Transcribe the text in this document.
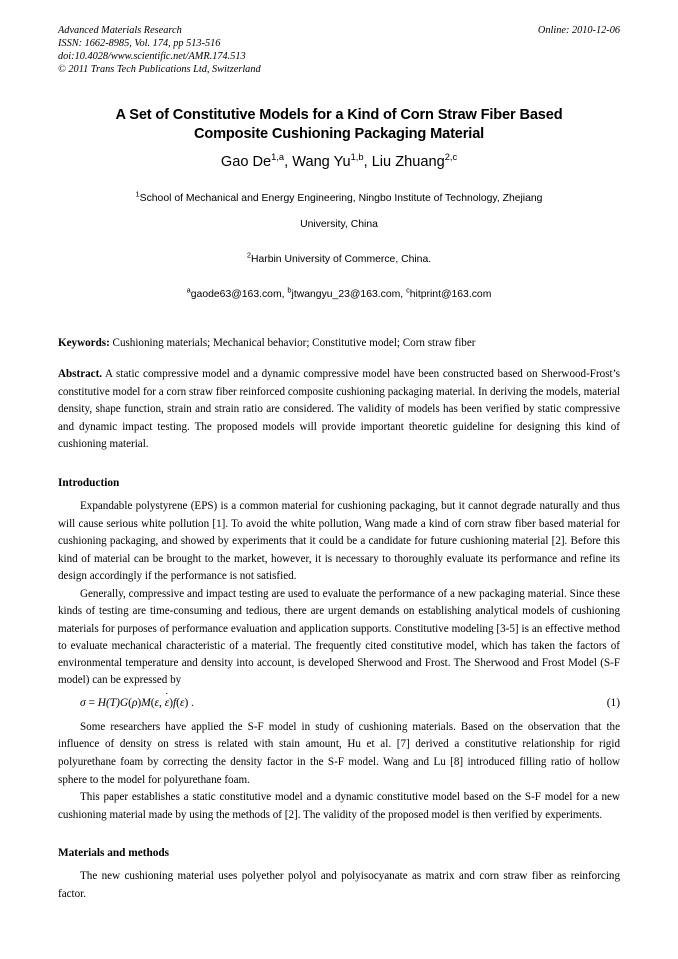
Advanced Materials Research
ISSN: 1662-8985, Vol. 174, pp 513-516
doi:10.4028/www.scientific.net/AMR.174.513
© 2011 Trans Tech Publications Ltd, Switzerland
Online: 2010-12-06
A Set of Constitutive Models for a Kind of Corn Straw Fiber Based
Composite Cushioning Packaging Material
Gao De$^{1,a}$, Wang Yu$^{1,b}$, Liu Zhuang$^{2,c}$
$^1$School of Mechanical and Energy Engineering, Ningbo Institute of Technology, Zhejiang
University, China
$^2$Harbin University of Commerce, China.
$^a$gaode63@163.com, $^b$jtwangyu_23@163.com, $^c$hitprint@163.com
Keywords: Cushioning materials; Mechanical behavior; Constitutive model; Corn straw fiber
Abstract. A static compressive model and a dynamic compressive model have been constructed based on Sherwood-Frost’s constitutive model for a corn straw fiber reinforced composite cushioning packaging material. In deriving the models, material density, shape function, strain and strain ratio are considered. The validity of models has been verified by static compressive and dynamic impact testing. The proposed models will provide important theoretic guideline for designing this kind of cushioning material.
Introduction
Expandable polystyrene (EPS) is a common material for cushioning packaging, but it cannot degrade naturally and thus will cause serious white pollution [1]. To avoid the white pollution, Wang made a kind of corn straw fiber based material for cushioning packaging, and showed by experiments that it could be a candidate for future cushioning material [2]. Before this kind of material can be brought to the market, however, it is necessary to thoroughly evaluate its performance and refine its design accordingly if the performance is not satisfied.
Generally, compressive and impact testing are used to evaluate the performance of a new packaging material. Since these kinds of testing are time-consuming and tedious, there are urgent demands on establishing analytical models of cushioning materials for purposes of performance evaluation and application supports. Constitutive modeling [3-5] is an effective method to evaluate mechanical characteristic of a material. The frequently cited constitutive model, which has taken the factors of environmental temperature and density into account, is developed Sherwood and Frost. The Sherwood and Frost Model (S-F model) can be expressed by
σ = H(T)G(ρ)M(ε, ε ˙)f(ε) .	(1)
Some researchers have applied the S-F model in study of cushioning materials. Based on the observation that the influence of density on stress is related with stain amount, Hu et al. [7] derived a constitutive relationship for rigid polyurethane foam by correcting the density factor in the S-F model. Wang and Lu [8] introduced filling ratio of hollow sphere to the model for polyurethane foam.
This paper establishes a static constitutive model and a dynamic constitutive model based on the S-F model for a new cushioning material made by using the methods of [2]. The validity of the proposed model is then verified by experiments.
Materials and methods
The new cushioning material uses polyether polyol and polyisocyanate as matrix and corn straw fiber as reinforcing factor.
